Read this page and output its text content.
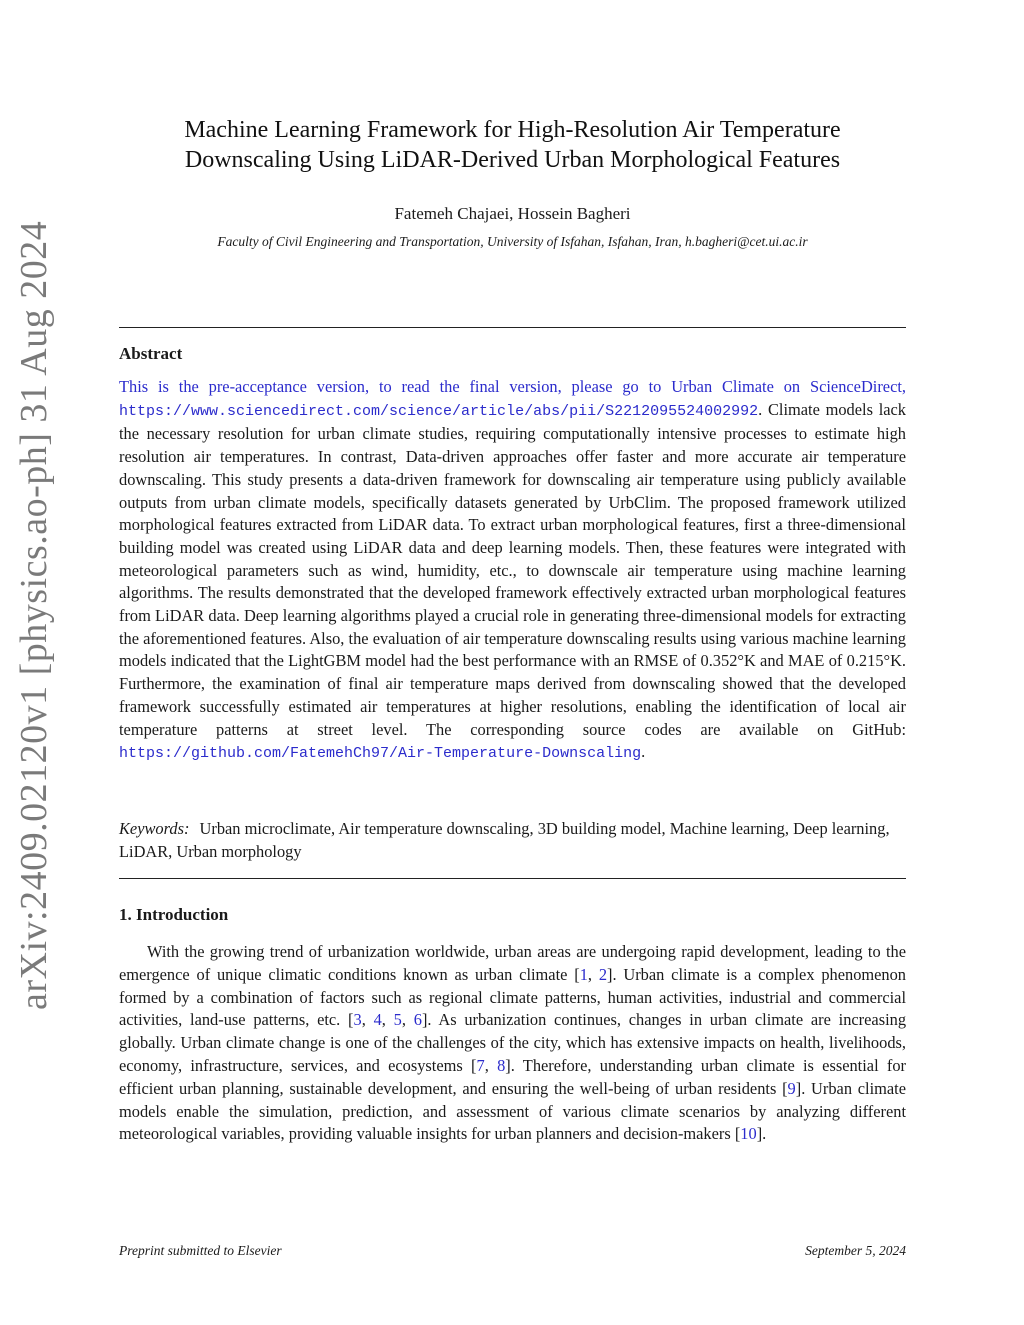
arXiv:2409.02120v1 [physics.ao-ph] 31 Aug 2024
Machine Learning Framework for High-Resolution Air Temperature
Downscaling Using LiDAR-Derived Urban Morphological Features
Fatemeh Chajaei, Hossein Bagheri
Faculty of Civil Engineering and Transportation, University of Isfahan, Isfahan, Iran, h.bagheri@cet.ui.ac.ir
Abstract
This is the pre-acceptance version, to read the final version, please go to Urban Climate on ScienceDirect, https://www.sciencedirect.com/science/article/abs/pii/S2212095524002992. Climate models lack the necessary resolution for urban climate studies, requiring computationally intensive processes to estimate high resolution air temperatures. In contrast, Data-driven approaches offer faster and more accurate air temperature downscaling. This study presents a data-driven framework for downscaling air temperature using publicly available outputs from urban climate models, specifically datasets generated by UrbClim. The proposed framework utilized morphological features extracted from LiDAR data. To extract urban morphological features, first a three-dimensional building model was created using LiDAR data and deep learning models. Then, these features were integrated with meteorological parameters such as wind, humidity, etc., to downscale air temperature using machine learning algorithms. The results demonstrated that the developed framework effectively extracted urban morphological features from LiDAR data. Deep learning algorithms played a crucial role in generating three-dimensional models for extracting the aforementioned features. Also, the evaluation of air temperature downscaling results using various machine learning models indicated that the LightGBM model had the best performance with an RMSE of 0.352°K and MAE of 0.215°K. Furthermore, the examination of final air temperature maps derived from downscaling showed that the developed framework successfully estimated air temperatures at higher resolutions, enabling the identification of local air temperature patterns at street level. The corresponding source codes are available on GitHub: https://github.com/FatemehCh97/Air-Temperature-Downscaling.
Keywords: Urban microclimate, Air temperature downscaling, 3D building model, Machine learning, Deep learning, LiDAR, Urban morphology
1. Introduction
With the growing trend of urbanization worldwide, urban areas are undergoing rapid development, leading to the emergence of unique climatic conditions known as urban climate [1, 2]. Urban climate is a complex phenomenon formed by a combination of factors such as regional climate patterns, human activities, industrial and commercial activities, land-use patterns, etc. [3, 4, 5, 6]. As urbanization continues, changes in urban climate are increasing globally. Urban climate change is one of the challenges of the city, which has extensive impacts on health, livelihoods, economy, infrastructure, services, and ecosystems [7, 8]. Therefore, understanding urban climate is essential for efficient urban planning, sustainable development, and ensuring the well-being of urban residents [9]. Urban climate models enable the simulation, prediction, and assessment of various climate scenarios by analyzing different meteorological variables, providing valuable insights for urban planners and decision-makers [10].
Preprint submitted to Elsevier	September 5, 2024
